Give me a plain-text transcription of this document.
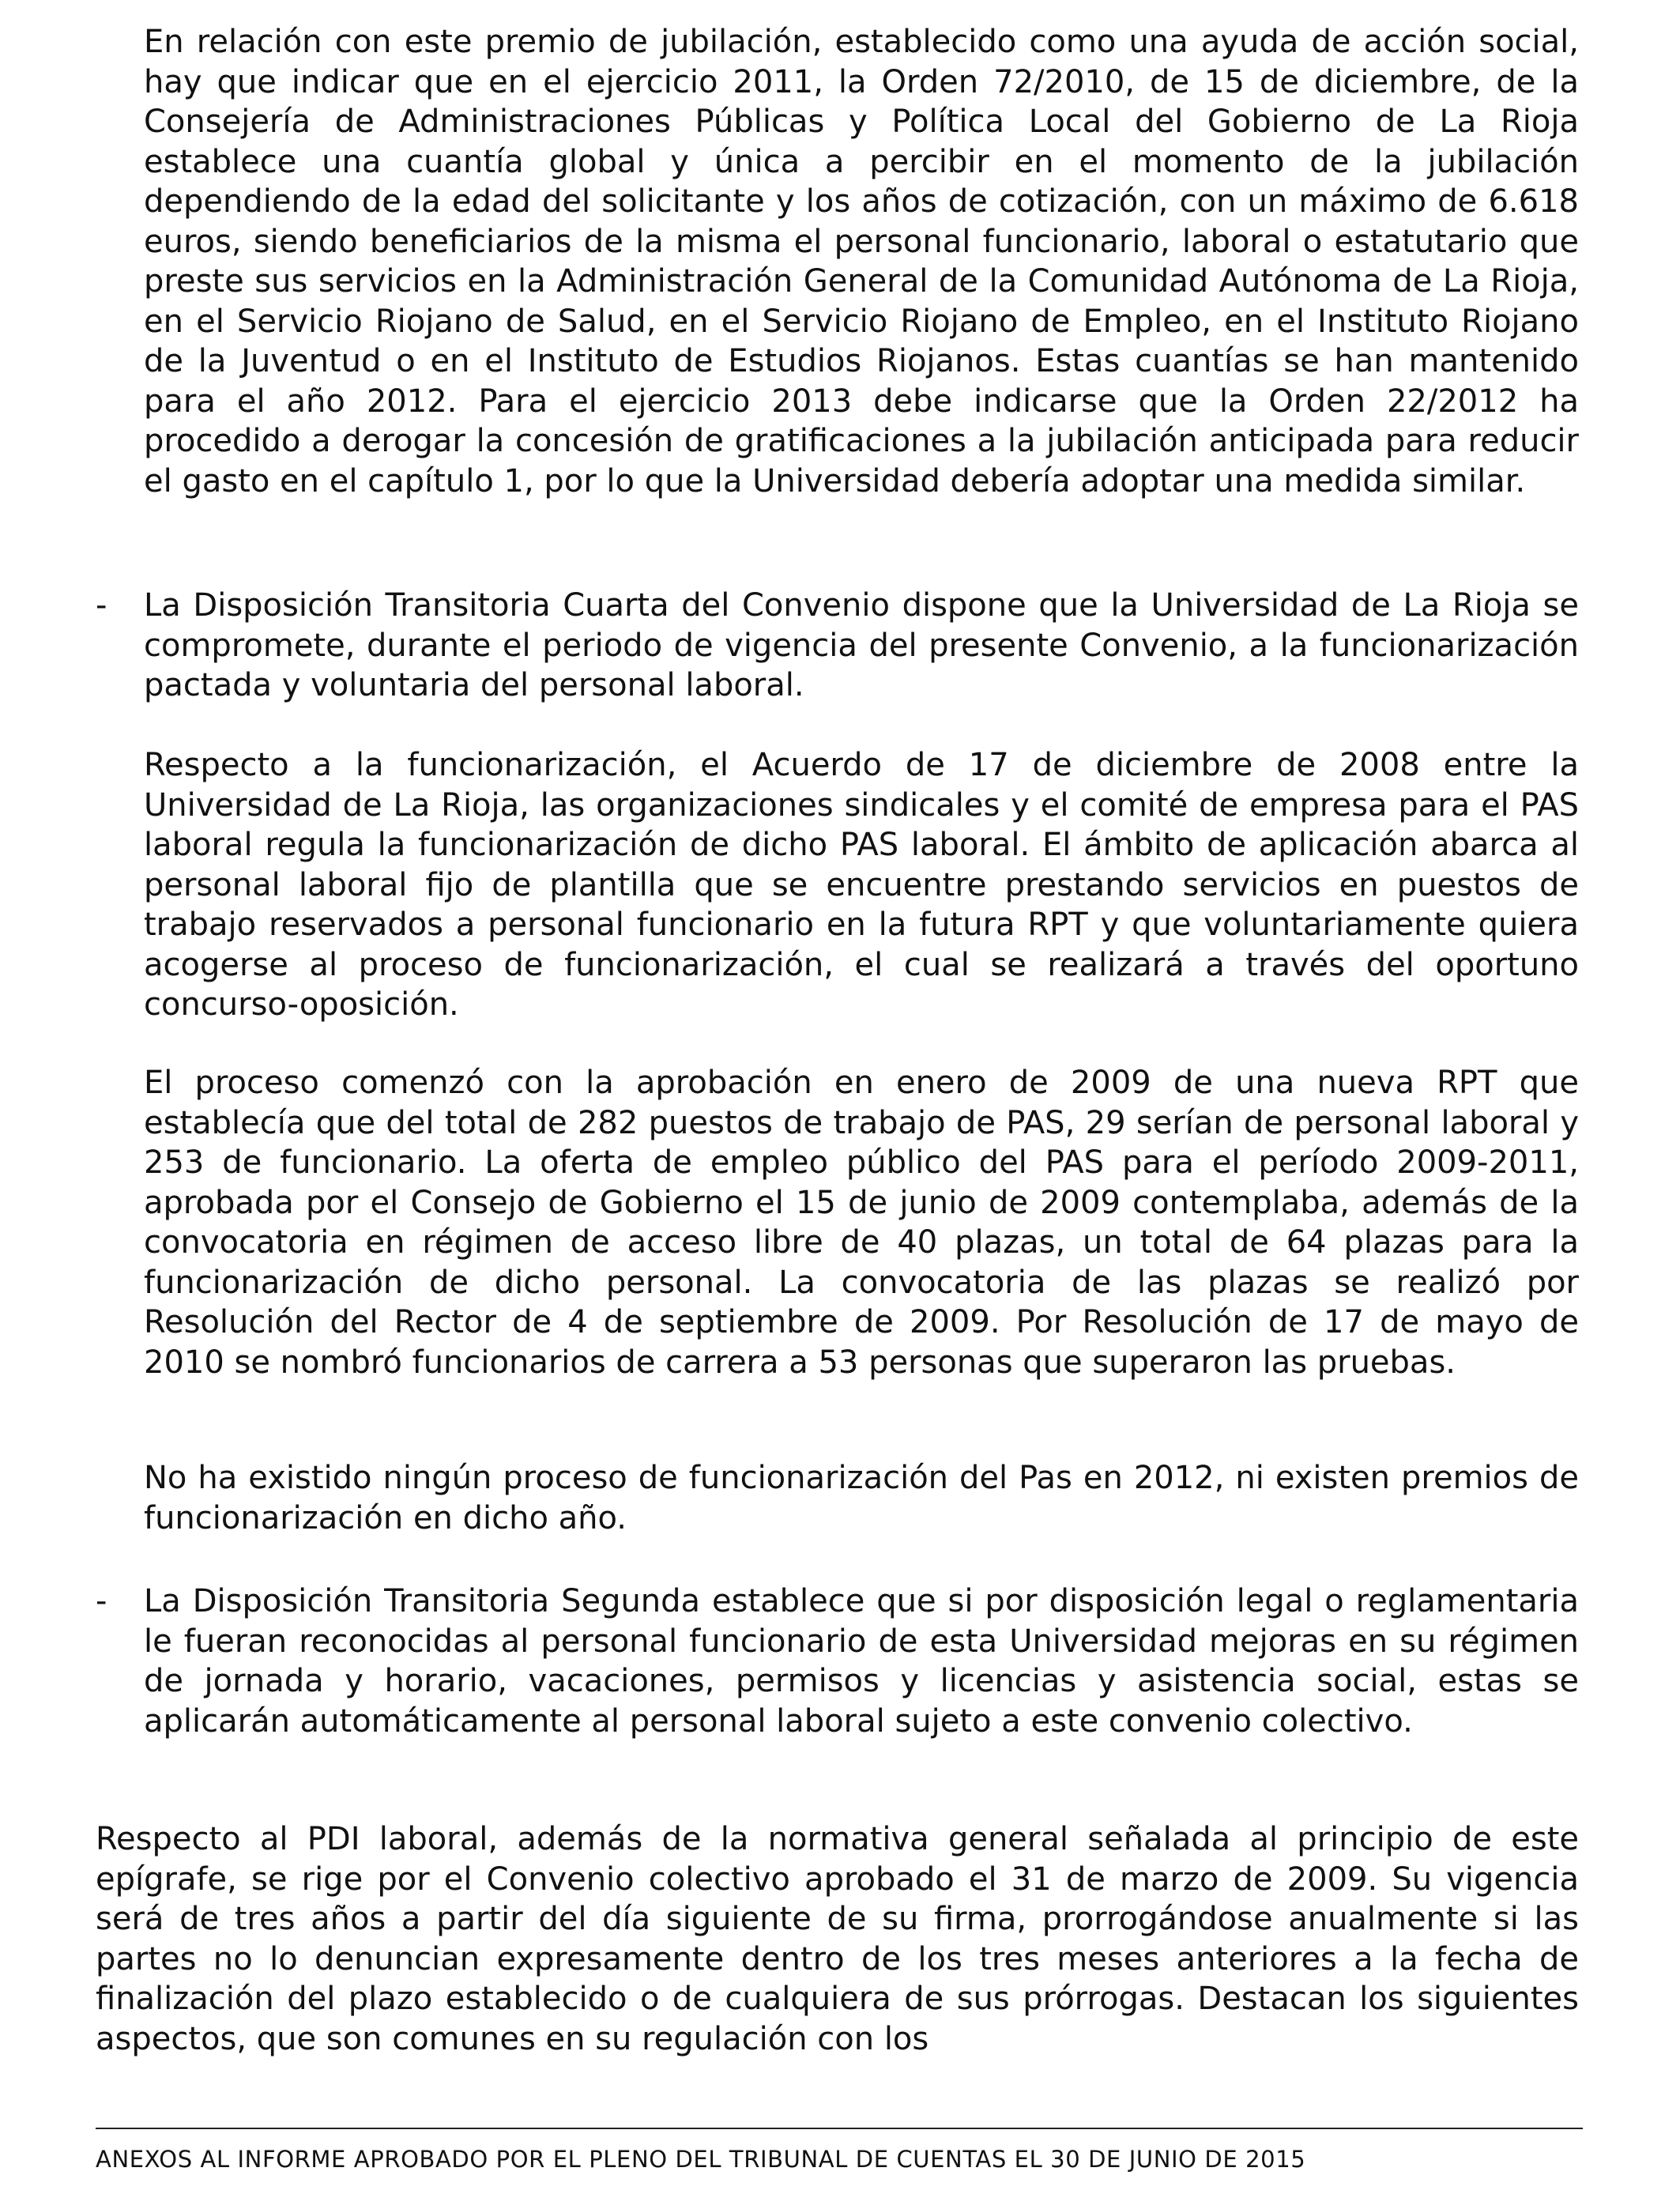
En relación con este premio de jubilación, establecido como una ayuda de acción social, hay que indicar que en el ejercicio 2011, la Orden 72/2010, de 15 de diciembre, de la Consejería de Administraciones Públicas y Política Local del Gobierno de La Rioja establece una cuantía global y única a percibir en el momento de la jubilación dependiendo de la edad del solicitante y los años de cotización, con un máximo de 6.618 euros, siendo beneficiarios de la misma el personal funcionario, laboral o estatutario que preste sus servicios en la Administración General de la Comunidad Autónoma de La Rioja, en el Servicio Riojano de Salud, en el Servicio Riojano de Empleo, en el Instituto Riojano de la Juventud o en el Instituto de Estudios Riojanos. Estas cuantías se han mantenido para el año 2012. Para el ejercicio 2013 debe indicarse que la Orden 22/2012 ha procedido a derogar la concesión de gratificaciones a la jubilación anticipada para reducir el gasto en el capítulo 1, por lo que la Universidad debería adoptar una medida similar.

- La Disposición Transitoria Cuarta del Convenio dispone que la Universidad de La Rioja se compromete, durante el periodo de vigencia del presente Convenio, a la funcionarización pactada y voluntaria del personal laboral.

Respecto a la funcionarización, el Acuerdo de 17 de diciembre de 2008 entre la Universidad de La Rioja, las organizaciones sindicales y el comité de empresa para el PAS laboral regula la funcionarización de dicho PAS laboral. El ámbito de aplicación abarca al personal laboral fijo de plantilla que se encuentre prestando servicios en puestos de trabajo reservados a personal funcionario en la futura RPT y que voluntariamente quiera acogerse al proceso de funcionarización, el cual se realizará a través del oportuno concurso-oposición.

El proceso comenzó con la aprobación en enero de 2009 de una nueva RPT que establecía que del total de 282 puestos de trabajo de PAS, 29 serían de personal laboral y 253 de funcionario. La oferta de empleo público del PAS para el período 2009-2011, aprobada por el Consejo de Gobierno el 15 de junio de 2009 contemplaba, además de la convocatoria en régimen de acceso libre de 40 plazas, un total de 64 plazas para la funcionarización de dicho personal. La convocatoria de las plazas se realizó por Resolución del Rector de 4 de septiembre de 2009. Por Resolución de 17 de mayo de 2010 se nombró funcionarios de carrera a 53 personas que superaron las pruebas.

No ha existido ningún proceso de funcionarización del Pas en 2012, ni existen premios de funcionarización en dicho año.

- La Disposición Transitoria Segunda establece que si por disposición legal o reglamentaria le fueran reconocidas al personal funcionario de esta Universidad mejoras en su régimen de jornada y horario, vacaciones, permisos y licencias y asistencia social, estas se aplicarán automáticamente al personal laboral sujeto a este convenio colectivo.

Respecto al PDI laboral, además de la normativa general señalada al principio de este epígrafe, se rige por el Convenio colectivo aprobado el 31 de marzo de 2009. Su vigencia será de tres años a partir del día siguiente de su firma, prorrogándose anualmente si las partes no lo denuncian expresamente dentro de los tres meses anteriores a la fecha de finalización del plazo establecido o de cualquiera de sus prórrogas. Destacan los siguientes aspectos, que son comunes en su regulación con los

ANEXOS AL INFORME APROBADO POR EL PLENO DEL TRIBUNAL DE CUENTAS EL 30 DE JUNIO DE 2015
